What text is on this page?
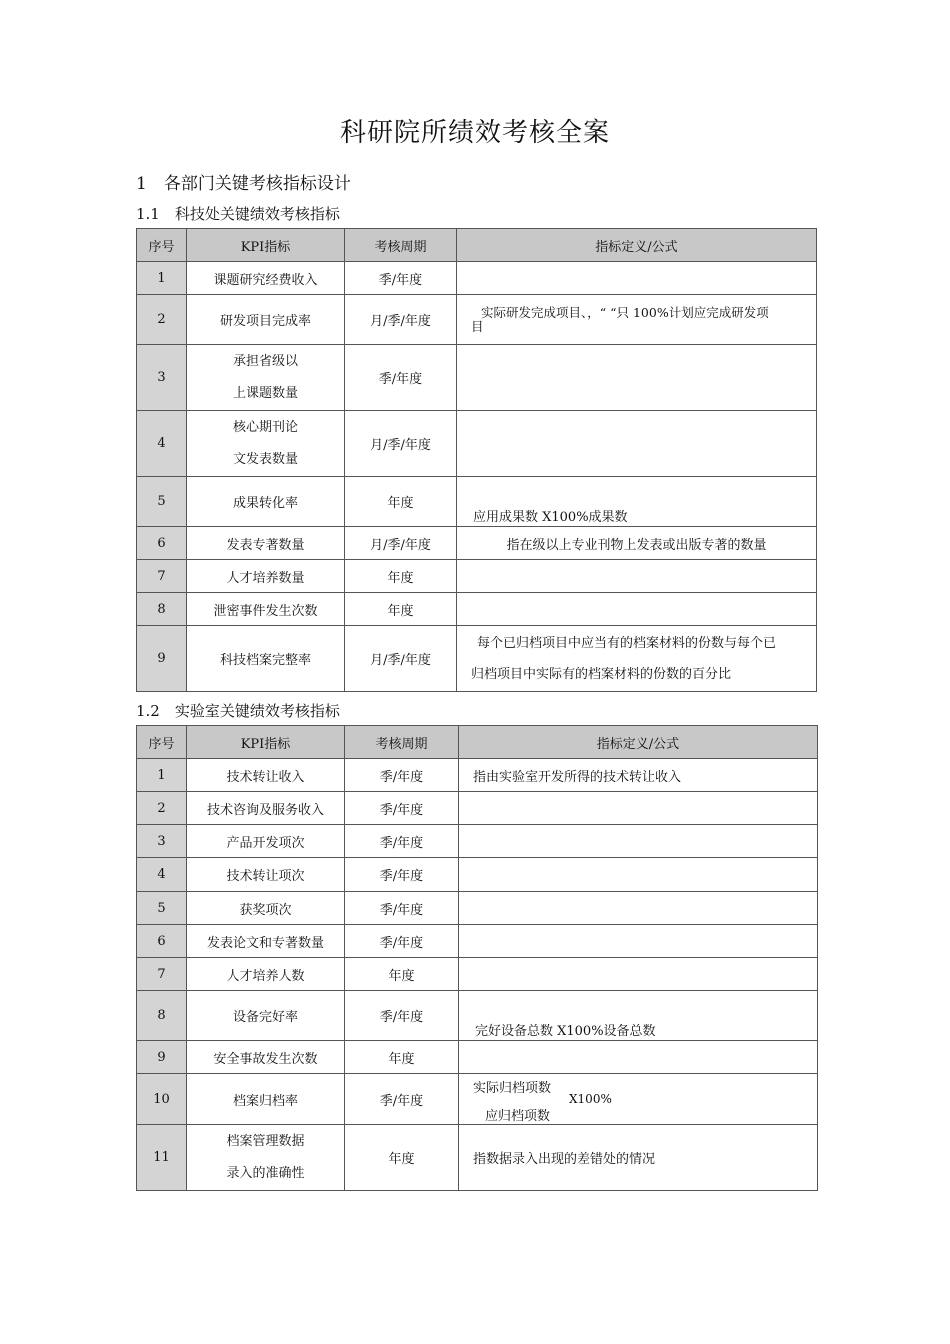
科研院所绩效考核全案
1　各部门关键考核指标设计
1.1　科技处关键绩效考核指标
序号	KPI指标	考核周期	指标定义/公式
1	课题研究经费收入	季/年度	
2	研发项目完成率	月/季/年度	实际研发完成项目、，“ “只 100%计划应完成研发项
目

3	承担省级以
上课题数量	季/年度	
4	核心期刊论
文发表数量	月/季/年度	
5	成果转化率	年度	应用成果数 X100%成果数
6	发表专著数量	月/季/年度	指在级以上专业刊物上发表或出版专著的数量
7	人才培养数量	年度	
8	泄密事件发生次数	年度	
9	科技档案完整率	月/季/年度	每个已归档项目中应当有的档案材料的份数与每个已
归档项目中实际有的档案材料的份数的百分比
1.2　实验室关键绩效考核指标
序号	KPI指标	考核周期	指标定义/公式
1	技术转让收入	季/年度	指由实验室开发所得的技术转让收入
2	技术咨询及服务收入	季/年度	
3	产品开发项次	季/年度	
4	技术转让项次	季/年度	
5	获奖项次	季/年度	
6	发表论文和专著数量	季/年度	
7	人才培养人数	年度	
8	设备完好率	季/年度	完好设备总数 X100%设备总数
9	安全事故发生次数	年度	
10	档案归档率	季/年度	实际归档项数
X100%
应归档项数

11	档案管理数据
录入的准确性	年度	指数据录入出现的差错处的情况
